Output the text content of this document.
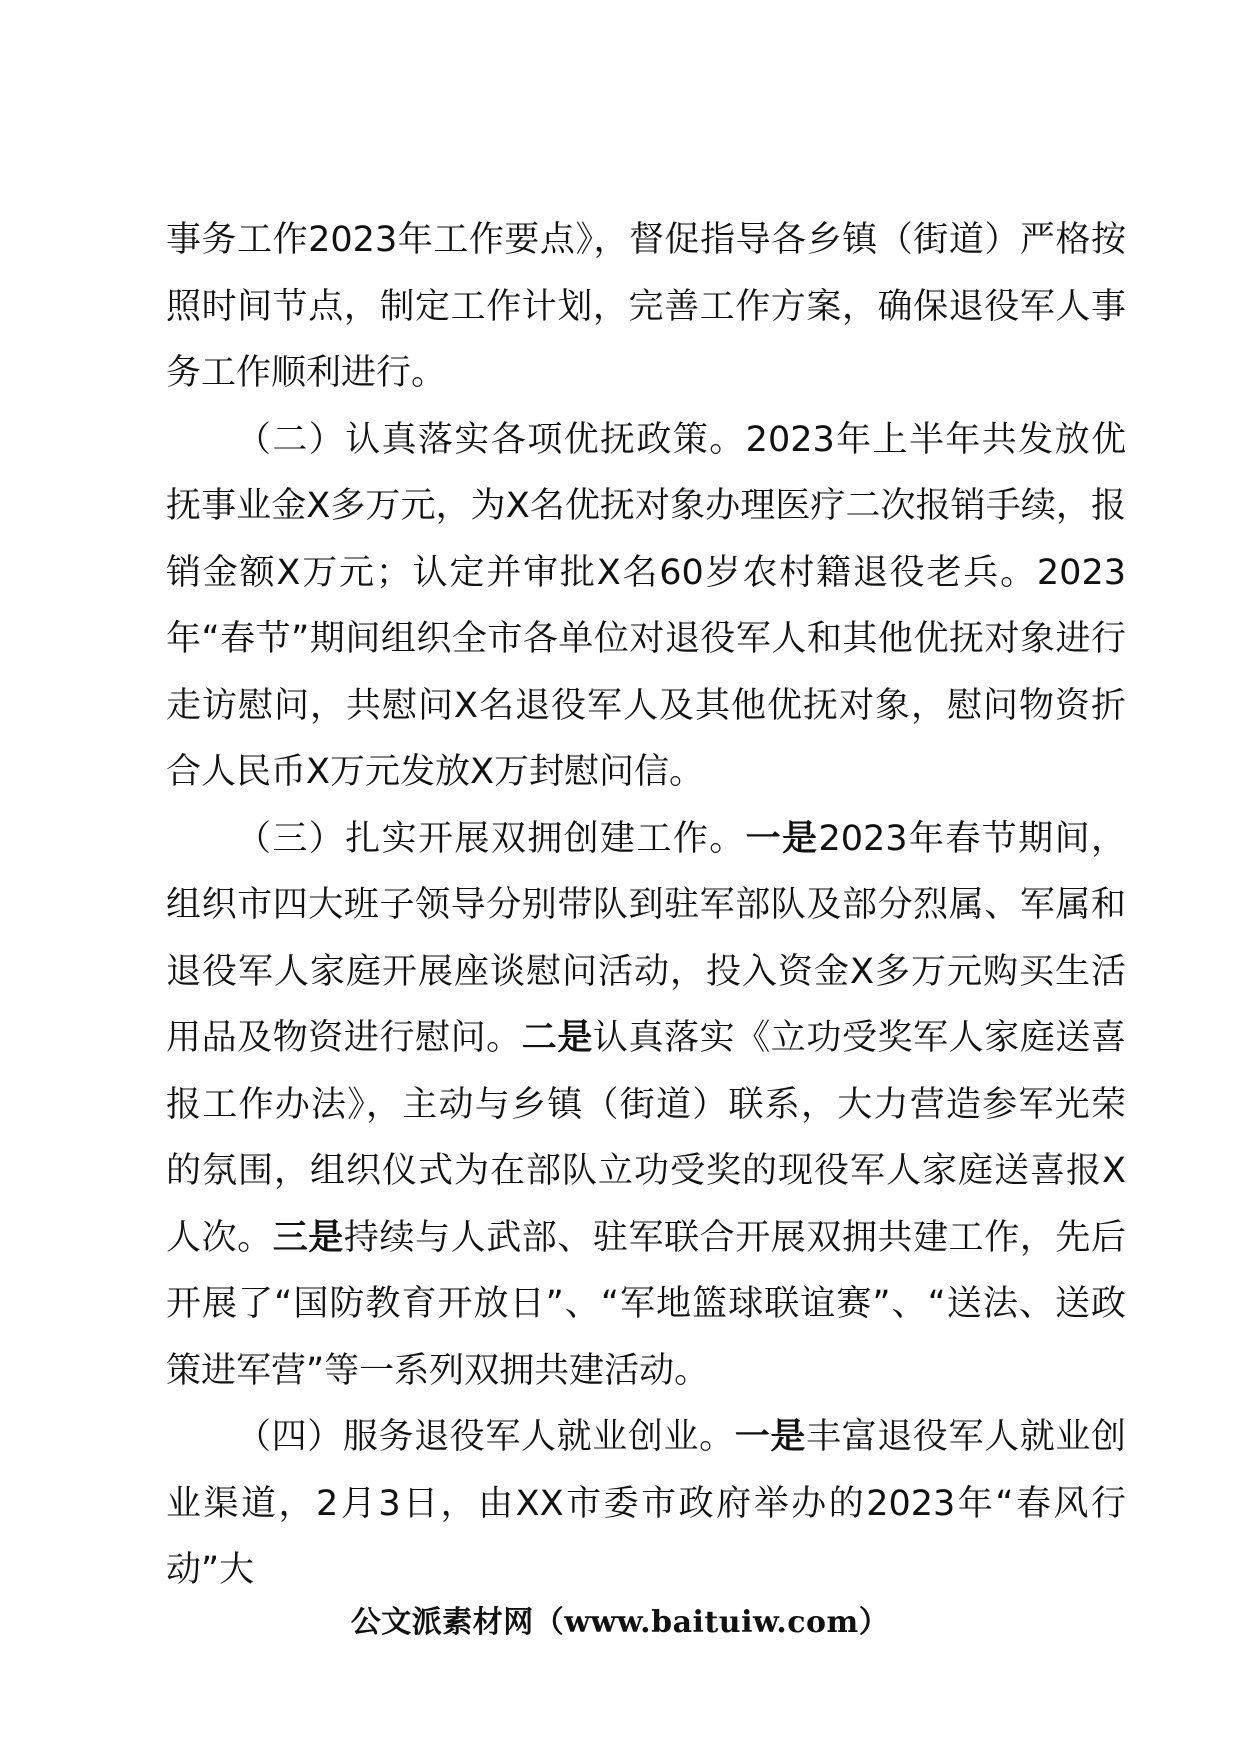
事务工作2023年工作要点》，督促指导各乡镇（街道）严格按照时间节点，制定工作计划，完善工作方案，确保退役军人事务工作顺利进行。

（二）认真落实各项优抚政策。2023年上半年共发放优抚事业金X多万元，为X名优抚对象办理医疗二次报销手续，报销金额X万元；认定并审批X名60岁农村籍退役老兵。2023年“春节”期间组织全市各单位对退役军人和其他优抚对象进行走访慰问，共慰问X名退役军人及其他优抚对象，慰问物资折合人民币X万元发放X万封慰问信。

（三）扎实开展双拥创建工作。一是2023年春节期间，组织市四大班子领导分别带队到驻军部队及部分烈属、军属和退役军人家庭开展座谈慰问活动，投入资金X多万元购买生活用品及物资进行慰问。二是认真落实《立功受奖军人家庭送喜报工作办法》，主动与乡镇（街道）联系，大力营造参军光荣的氛围，组织仪式为在部队立功受奖的现役军人家庭送喜报X人次。三是持续与人武部、驻军联合开展双拥共建工作，先后开展了“国防教育开放日”、“军地篮球联谊赛”、“送法、送政策进军营”等一系列双拥共建活动。

（四）服务退役军人就业创业。一是丰富退役军人就业创业渠道，2月3日，由XX市委市政府举办的2023年“春风行动”大

公文派素材网（www.baituiw.com）
